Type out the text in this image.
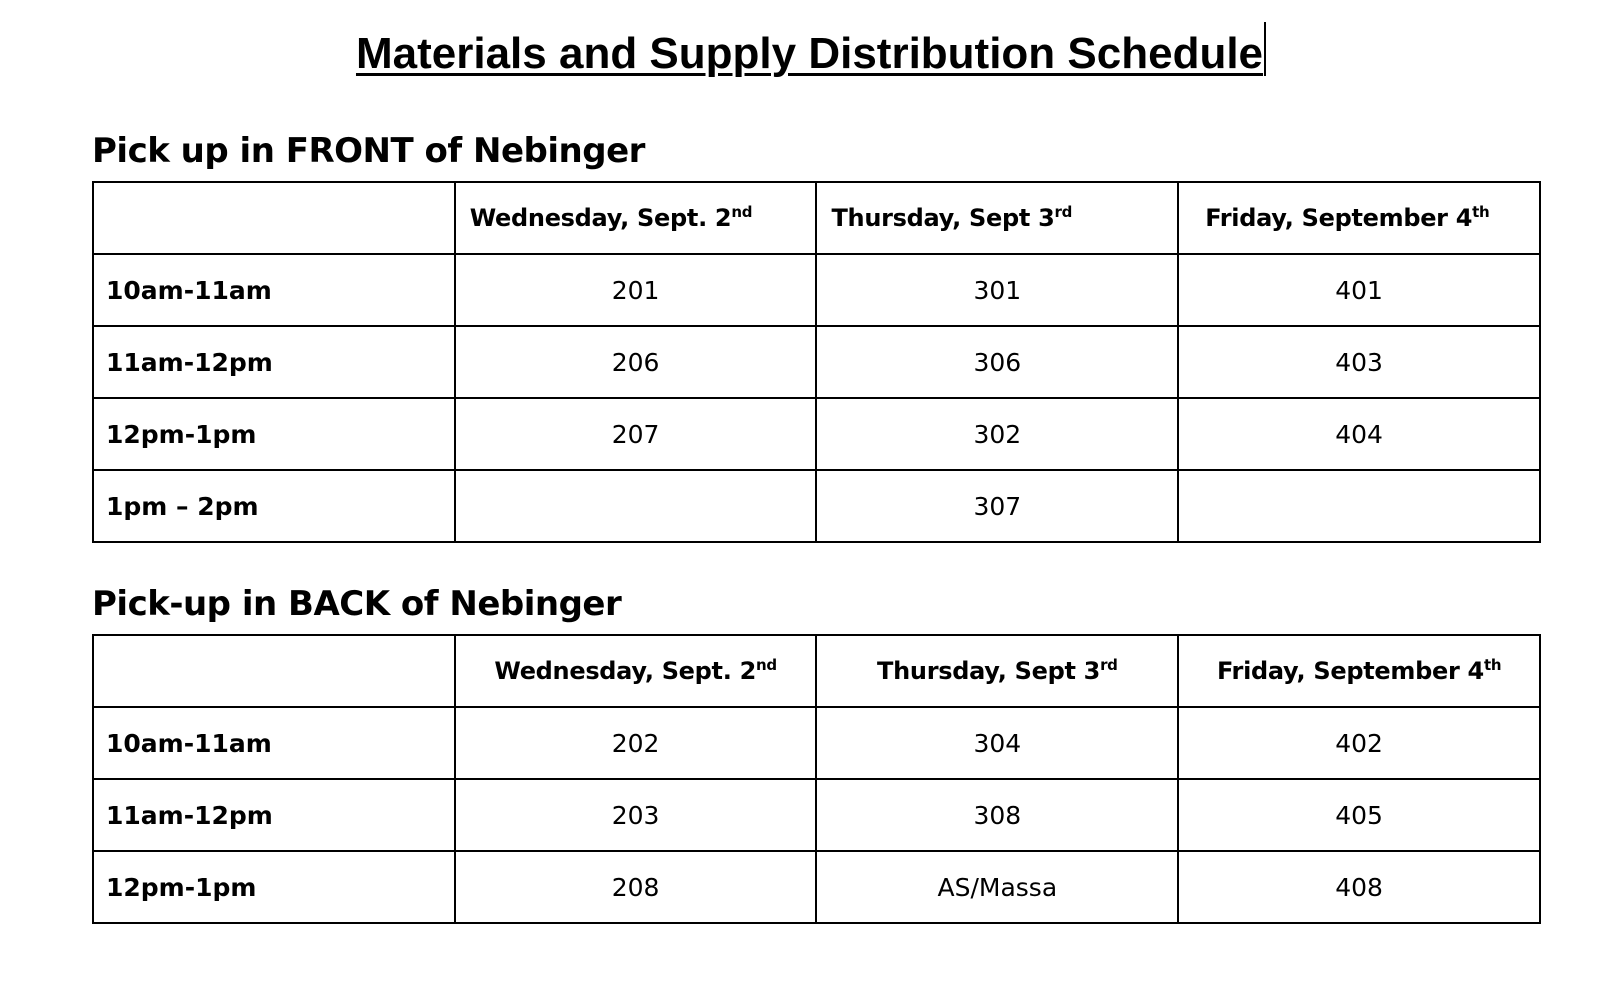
Materials and Supply Distribution Schedule
Pick up in FRONT of Nebinger
	Wednesday, Sept. 2nd	Thursday, Sept 3rd	Friday, September 4th
10am-11am	201	301	401
11am-12pm	206	306	403
12pm-1pm	207	302	404
1pm – 2pm		307	
Pick-up in BACK of Nebinger
	Wednesday, Sept. 2nd	Thursday, Sept 3rd	Friday, September 4th
10am-11am	202	304	402
11am-12pm	203	308	405
12pm-1pm	208	AS/Massa	408
